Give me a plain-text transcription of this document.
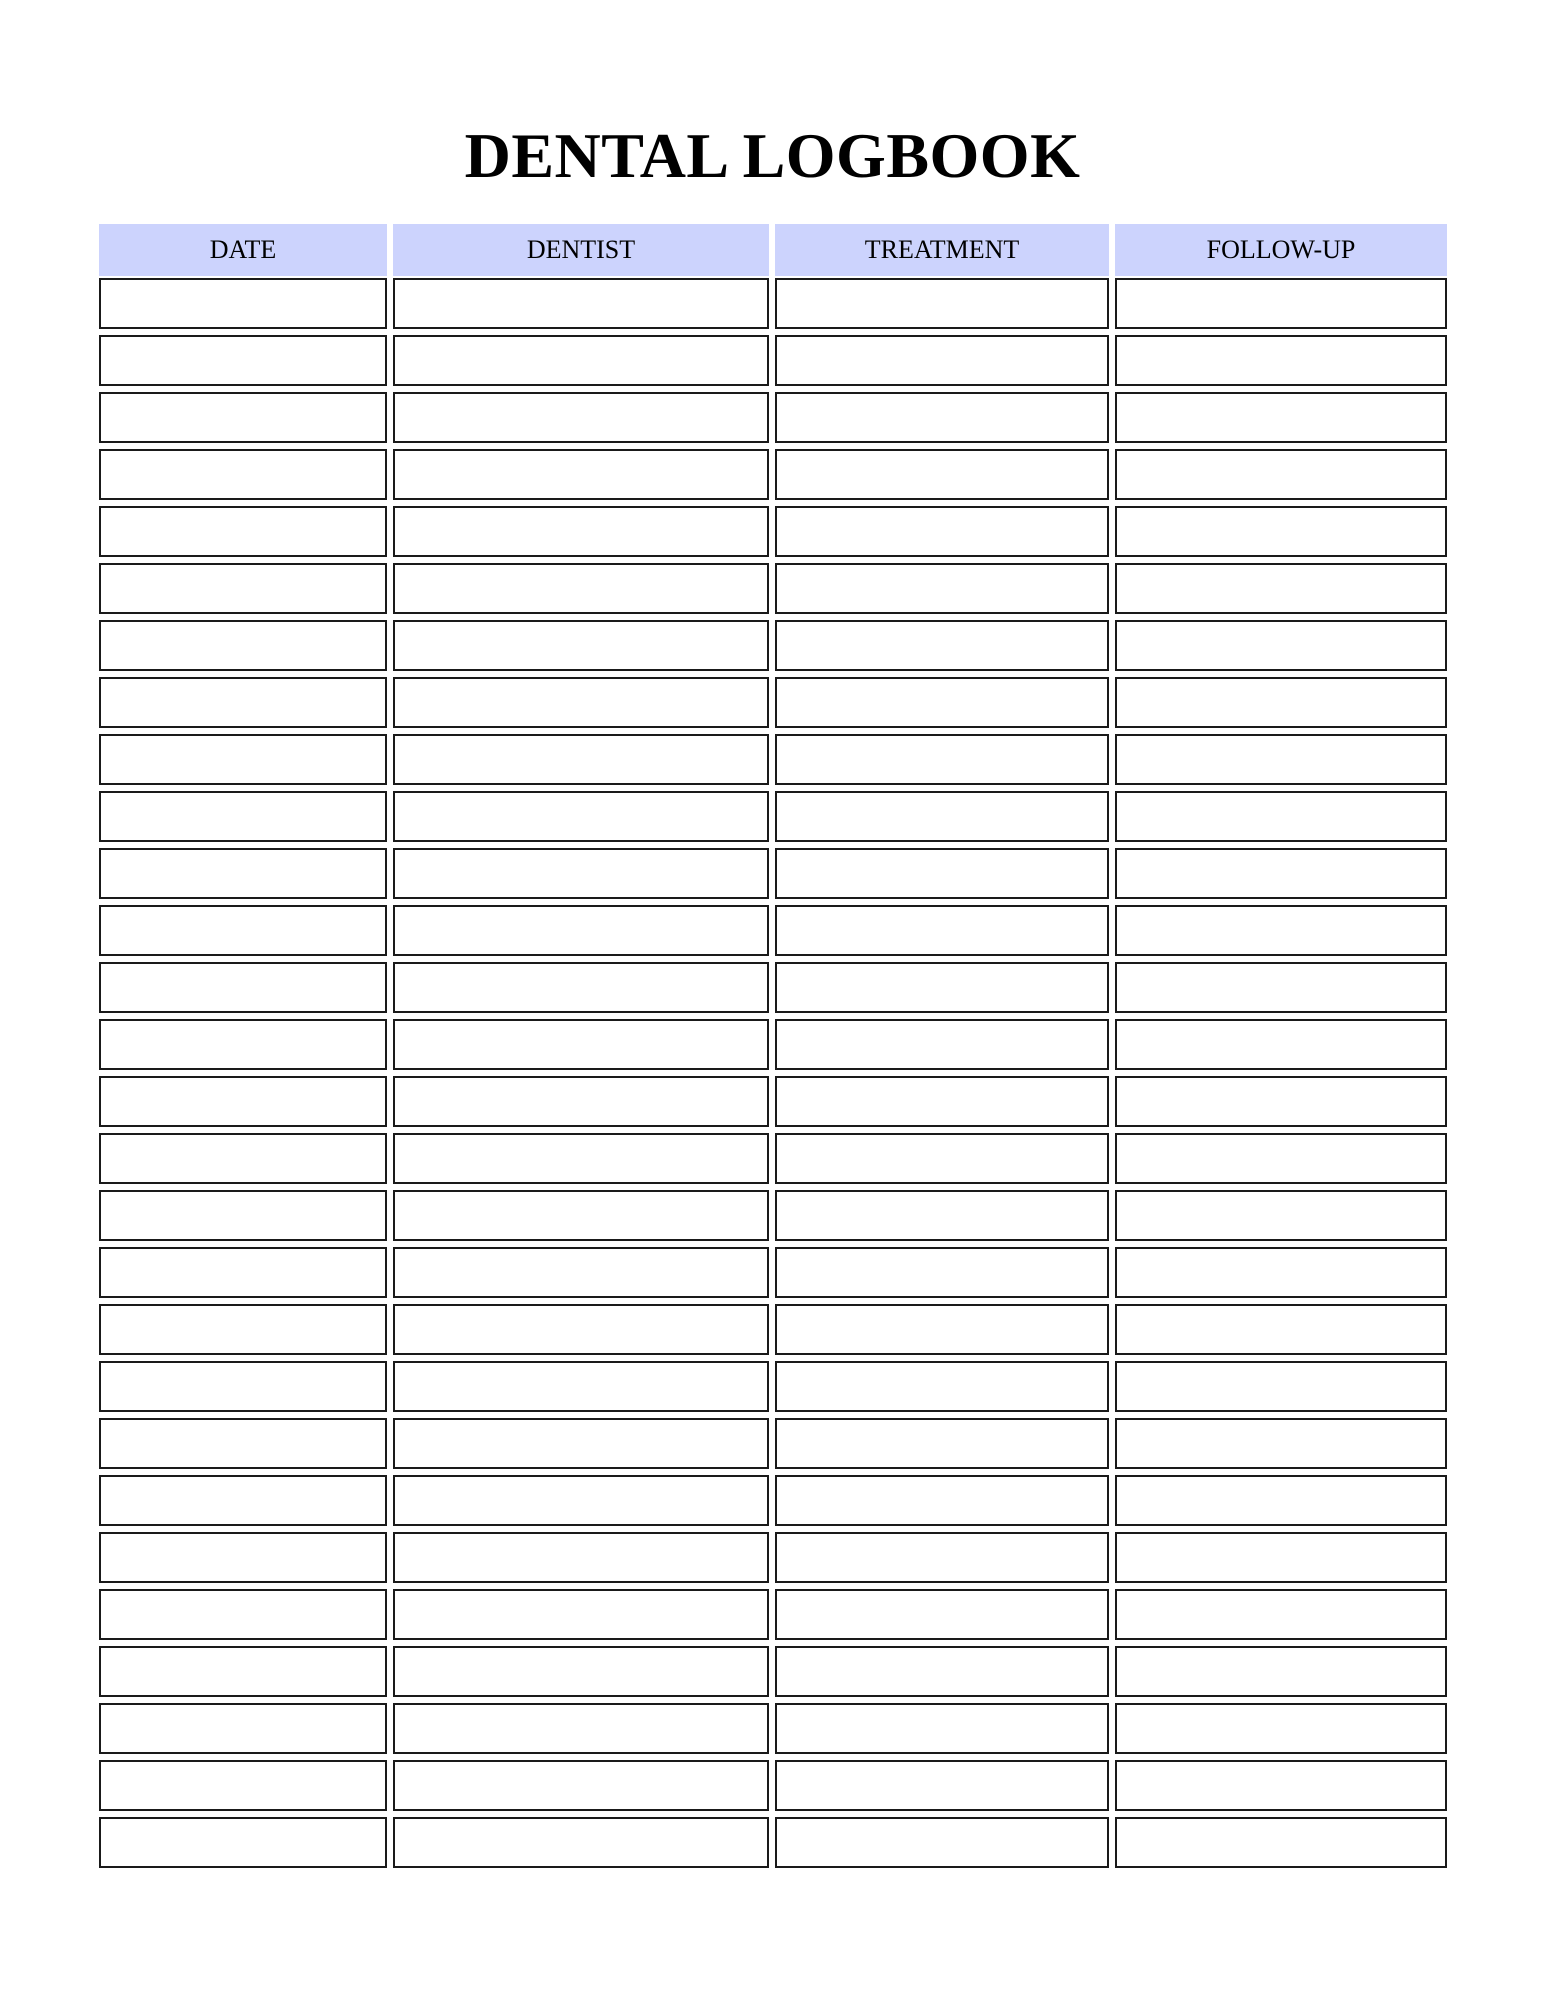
DENTAL LOGBOOK
DATE	DENTIST	TREATMENT	FOLLOW-UP
